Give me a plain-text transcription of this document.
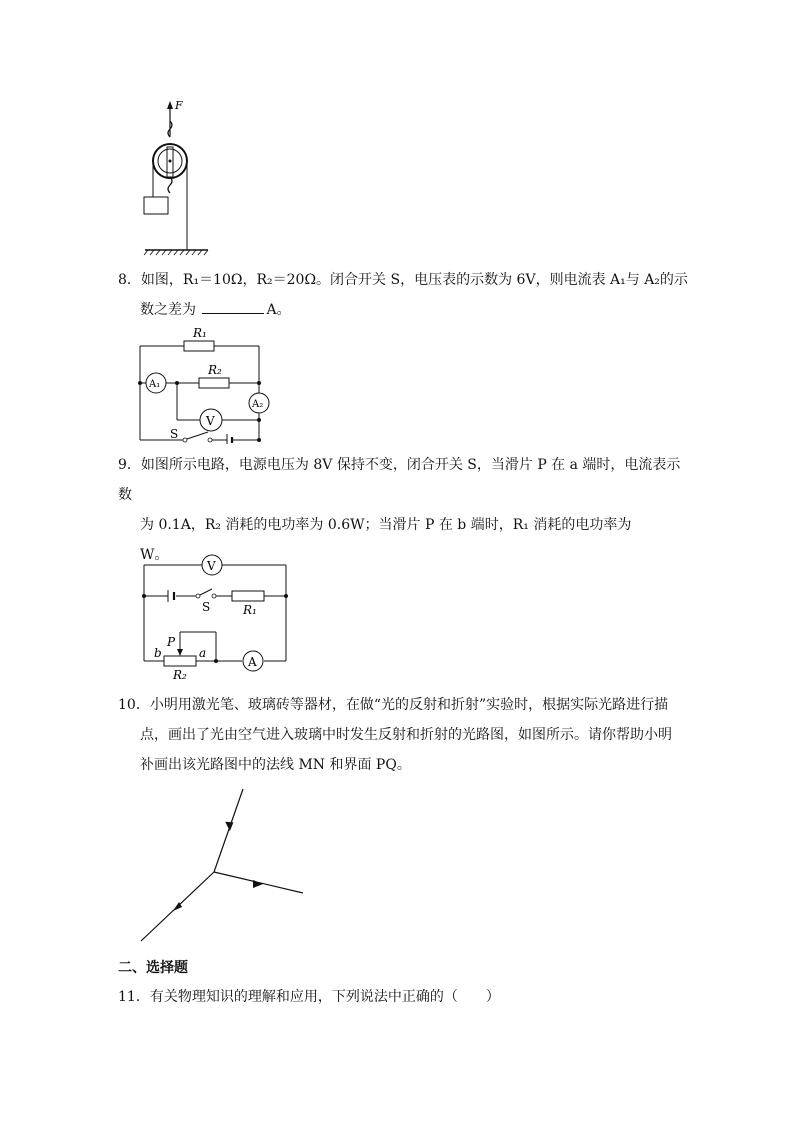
F
8．如图，R₁＝10Ω，R₂＝20Ω。闭合开关 S，电压表的示数为 6V，则电流表 A₁与 A₂的示
数之差为	A。
R₁
R₂
A₁
A₂
V
S
9．如图所示电路，电源电压为 8V 保持不变，闭合开关 S，当滑片 P 在 a 端时，电流表示数
为 0.1A，R₂ 消耗的电功率为 0.6W；当滑片 P 在 b 端时，R₁ 消耗的电功率为
W。
V
S	R₁
P
b	a
R₂
A
10．小明用激光笔、玻璃砖等器材，在做“光的反射和折射”实验时，根据实际光路进行描
点，画出了光由空气进入玻璃中时发生反射和折射的光路图，如图所示。请你帮助小明
补画出该光路图中的法线 MN 和界面 PQ。
二、选择题
11．有关物理知识的理解和应用，下列说法中正确的（　　）
